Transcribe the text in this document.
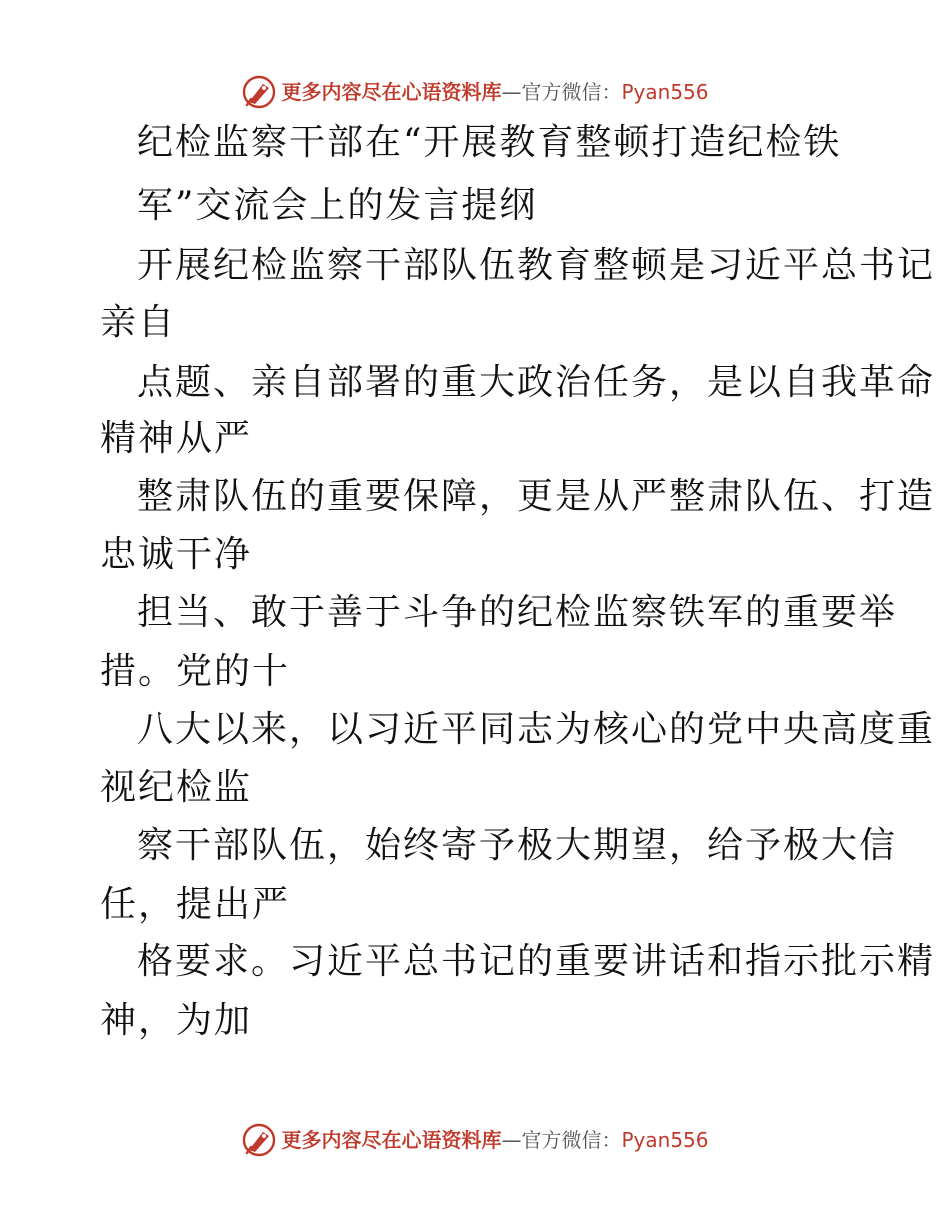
更多内容尽在心语资料库—官方微信：Pyan556
纪检监察干部在“开展教育整顿打造纪检铁
军”交流会上的发言提纲
开展纪检监察干部队伍教育整顿是习近平总书记
亲自
点题、亲自部署的重大政治任务，是以自我革命
精神从严
整肃队伍的重要保障，更是从严整肃队伍、打造
忠诚干净
担当、敢于善于斗争的纪检监察铁军的重要举
措。党的十
八大以来，以习近平同志为核心的党中央高度重
视纪检监
察干部队伍，始终寄予极大期望，给予极大信
任，提出严
格要求。习近平总书记的重要讲话和指示批示精
神，为加
更多内容尽在心语资料库—官方微信：Pyan556
